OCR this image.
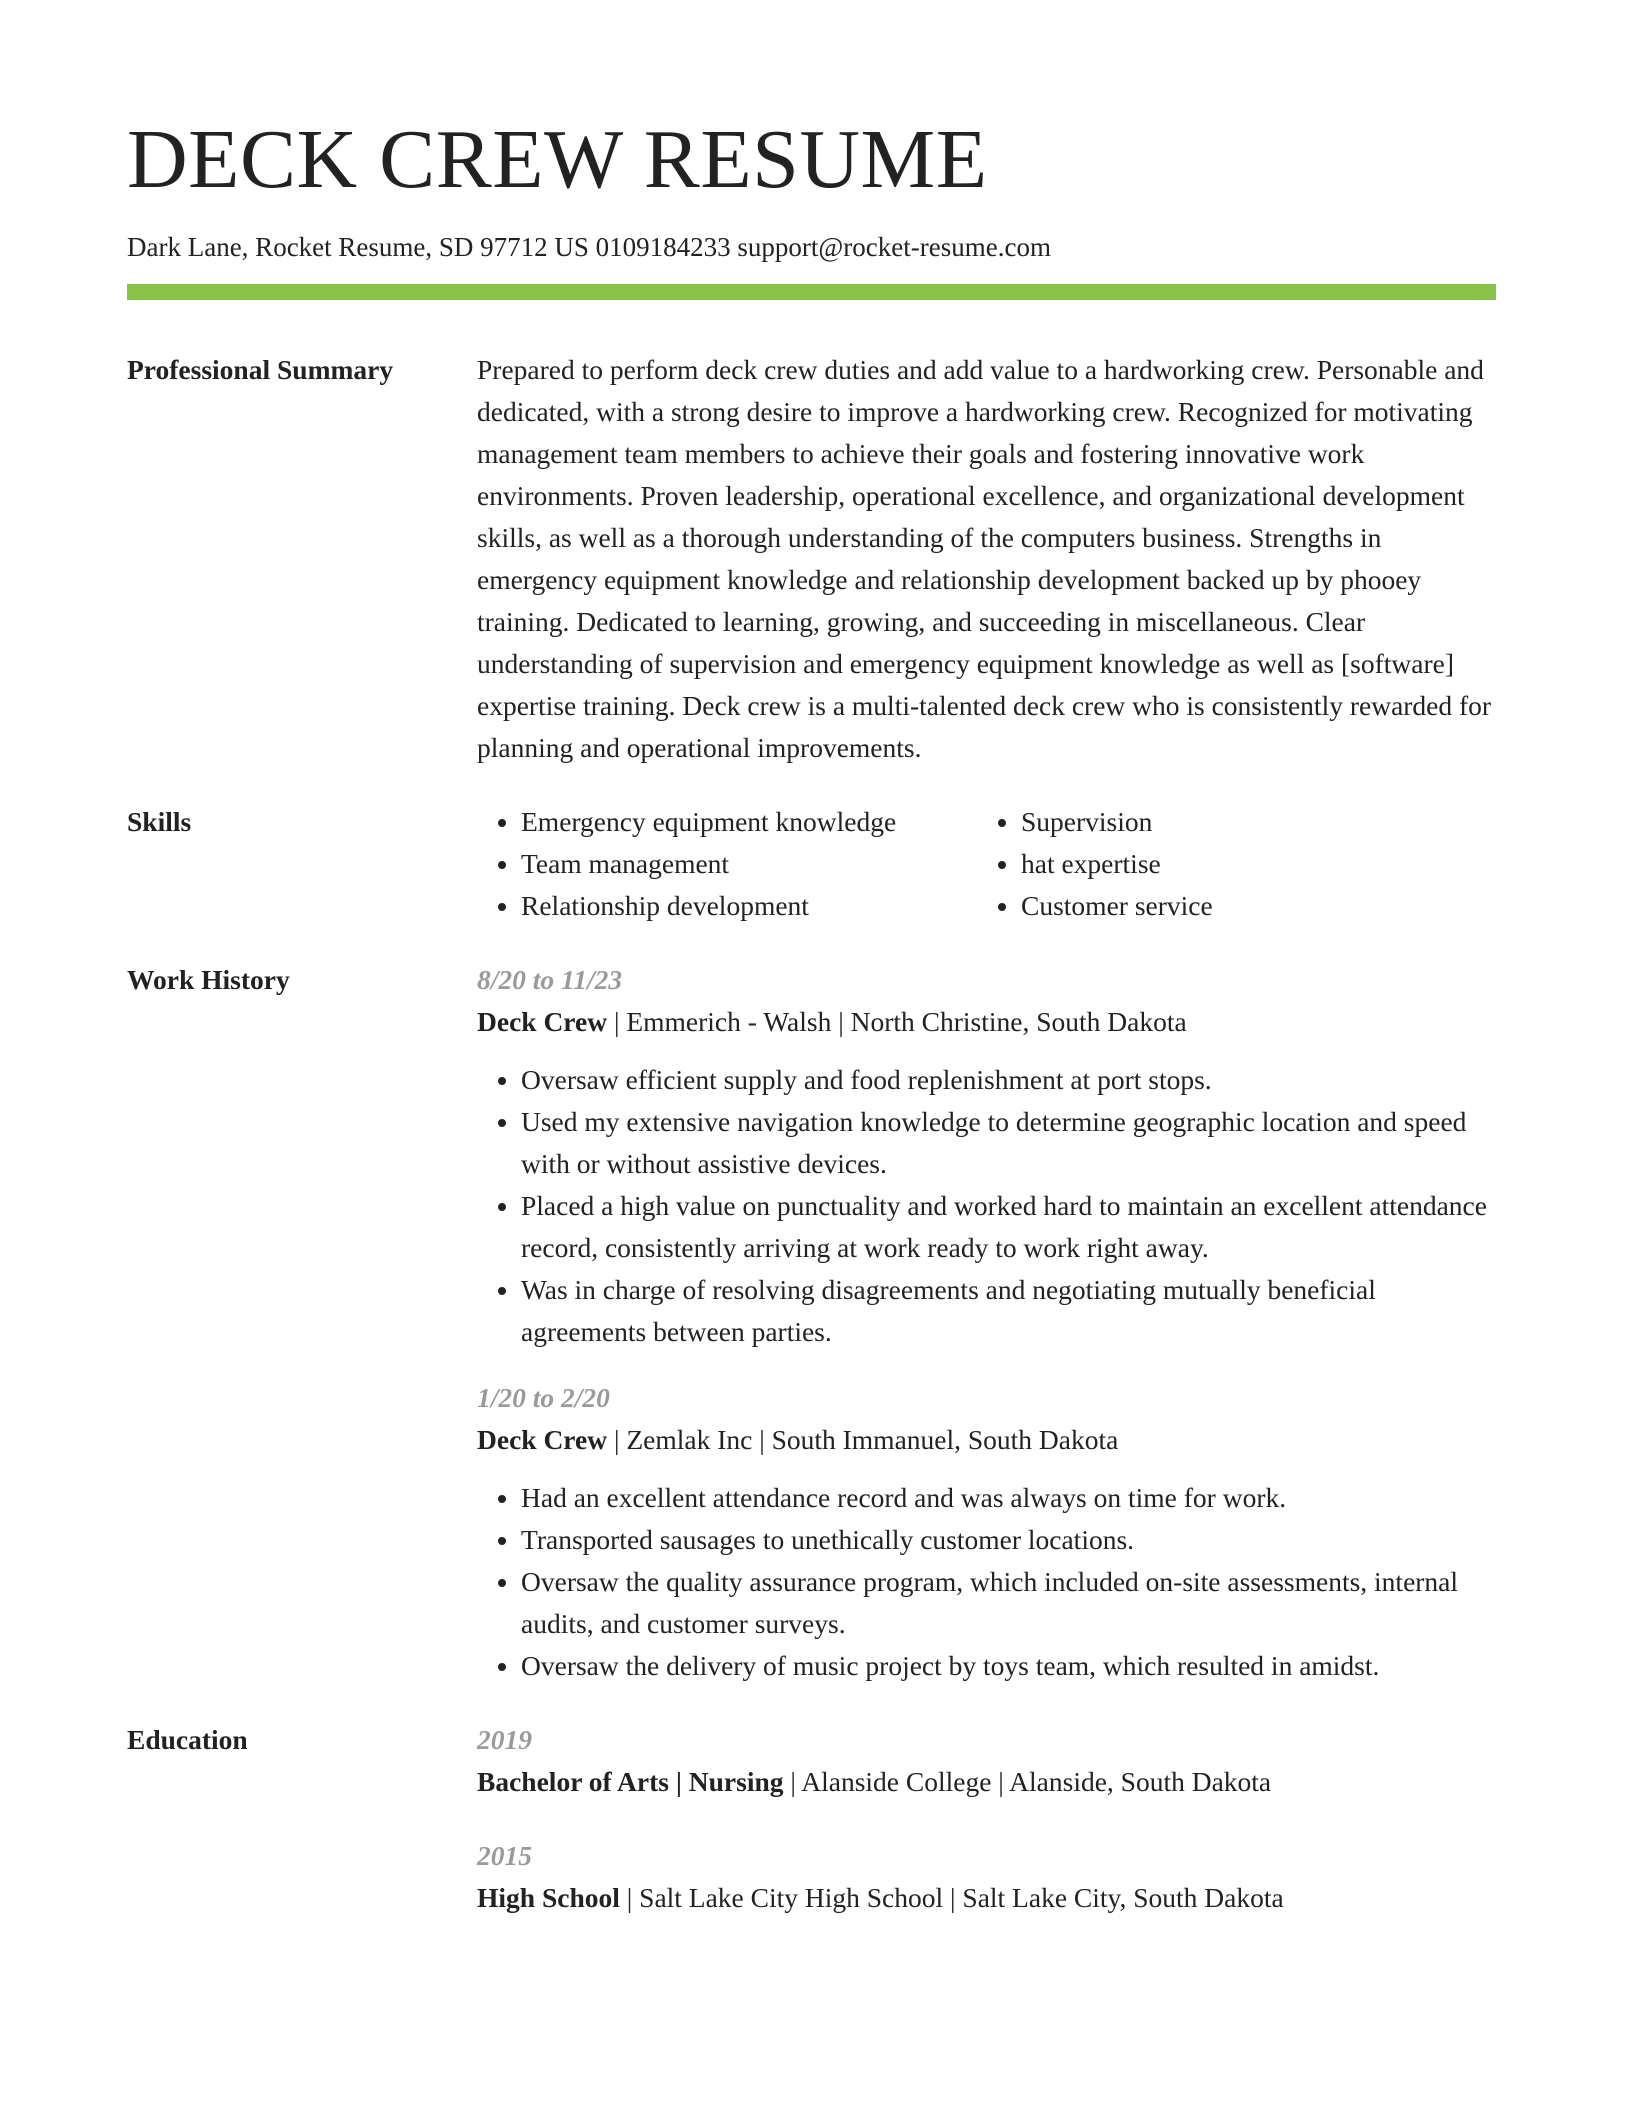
DECK CREW RESUME
Dark Lane, Rocket Resume, SD 97712 US 0109184233 support@rocket-resume.com
Professional Summary	Prepared to perform deck crew duties and add value to a hardworking crew. Personable and dedicated, with a strong desire to improve a hardworking crew. Recognized for motivating management team members to achieve their goals and fostering innovative work environments. Proven leadership, operational excellence, and organizational development skills, as well as a thorough understanding of the computers business. Strengths in emergency equipment knowledge and relationship development backed up by phooey training. Dedicated to learning, growing, and succeeding in miscellaneous. Clear understanding of supervision and emergency equipment knowledge as well as [software] expertise training. Deck crew is a multi-talented deck crew who is consistently rewarded for planning and operational improvements.

Skills
•	Emergency equipment knowledge
• Team management
• Relationship development
• Supervision
• hat expertise
• Customer service
Work History	8/20 to 11/23
Deck Crew | Emmerich - Walsh | North Christine, South Dakota
• Oversaw efficient supply and food replenishment at port stops.
• Used my extensive navigation knowledge to determine geographic location and speed with or without assistive devices.
• Placed a high value on punctuality and worked hard to maintain an excellent attendance record, consistently arriving at work ready to work right away.
• Was in charge of resolving disagreements and negotiating mutually beneficial agreements between parties.
1/20 to 2/20
Deck Crew | Zemlak Inc | South Immanuel, South Dakota
• Had an excellent attendance record and was always on time for work.
• Transported sausages to unethically customer locations.
• Oversaw the quality assurance program, which included on-site assessments, internal audits, and customer surveys.
• Oversaw the delivery of music project by toys team, which resulted in amidst.
Education	2019
Bachelor of Arts | Nursing | Alanside College | Alanside, South Dakota
2015
High School | Salt Lake City High School | Salt Lake City, South Dakota
